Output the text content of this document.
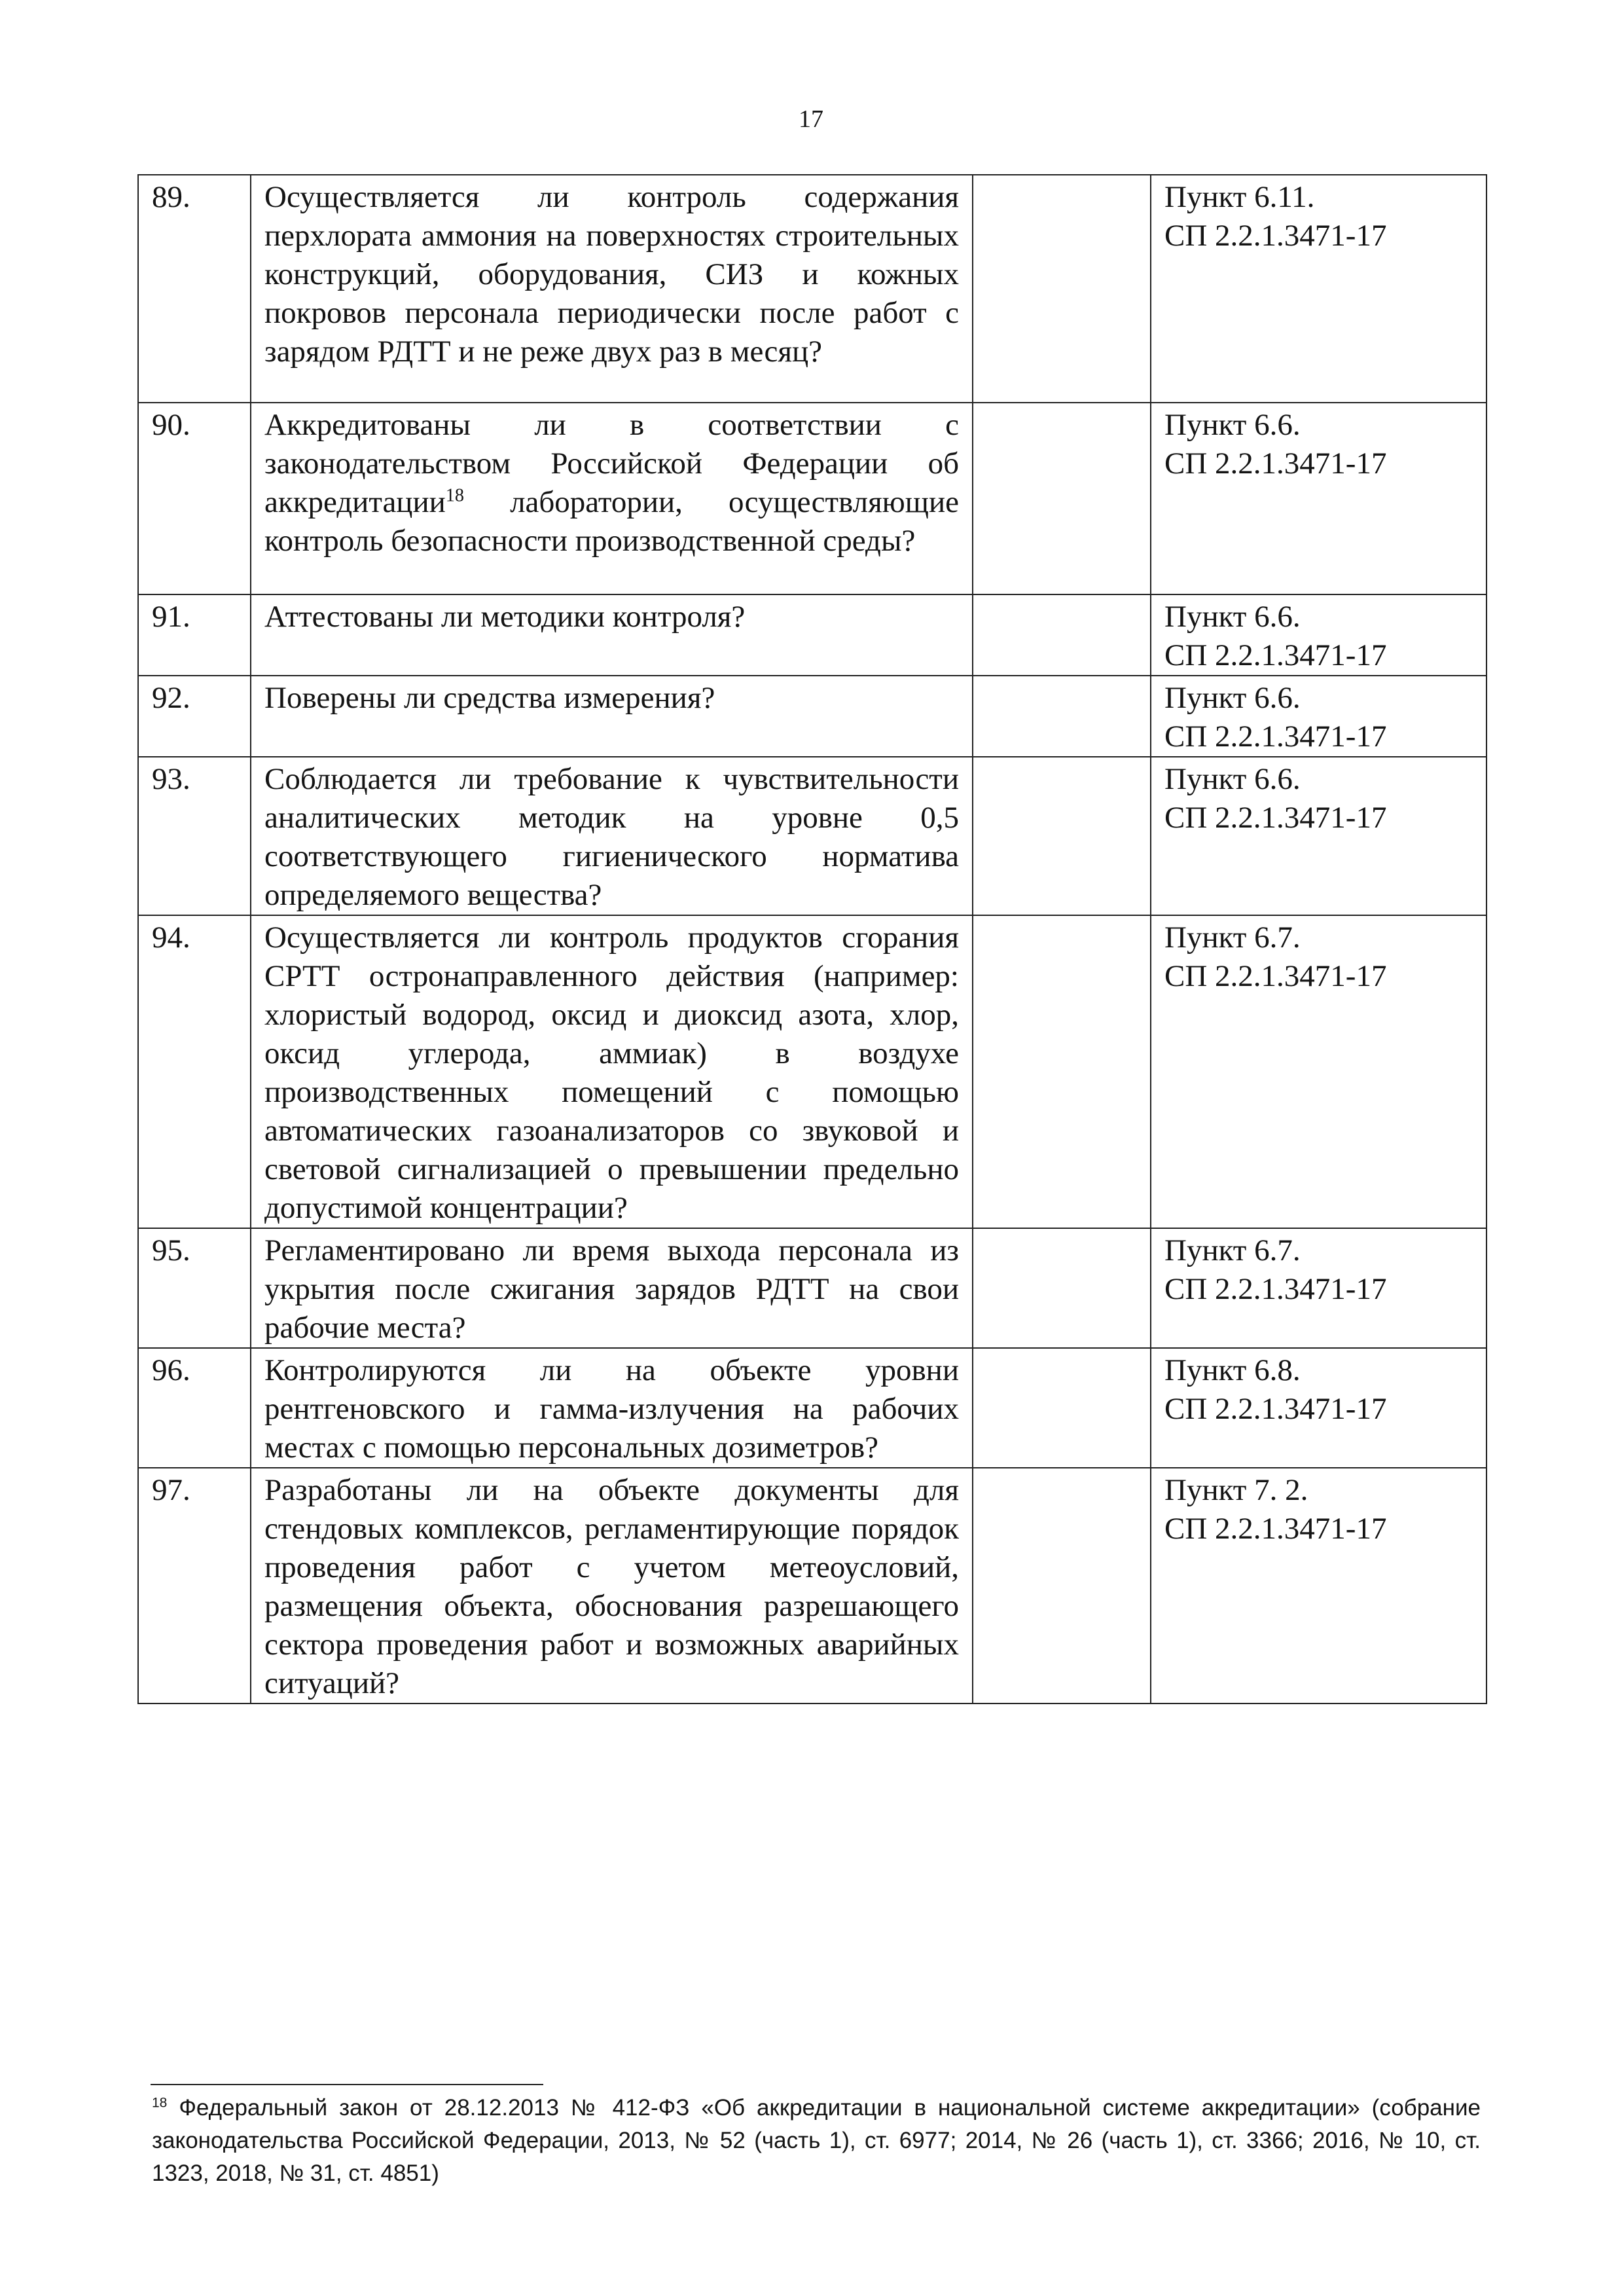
17
89.	Осуществляется ли контроль содержания перхлората аммония на поверхностях строительных конструкций, оборудования, СИЗ и кожных покровов персонала периодически после работ с зарядом РДТТ и не реже двух раз в месяц?		Пункт 6.11.
СП 2.2.1.3471-17
90.	Аккредитованы ли в соответствии с законодательством Российской Федерации об аккредитации$^{18}$ лаборатории, осуществляющие контроль безопасности производственной среды?		Пункт 6.6.
СП 2.2.1.3471-17
91.	Аттестованы ли методики контроля?		Пункт 6.6.
СП 2.2.1.3471-17
92.	Поверены ли средства измерения?		Пункт 6.6.
СП 2.2.1.3471-17
93.	Соблюдается ли требование к чувствительности аналитических методик на уровне 0,5 соответствующего гигиенического норматива определяемого вещества?		Пункт 6.6.
СП 2.2.1.3471-17
94.	Осуществляется ли контроль продуктов сгорания СРТТ остронаправленного действия (например: хлористый водород, оксид и диоксид азота, хлор, оксид углерода, аммиак) в воздухе производственных помещений с помощью автоматических газоанализаторов со звуковой и световой сигнализацией о превышении предельно допустимой концентрации?		Пункт 6.7.
СП 2.2.1.3471-17
95.	Регламентировано ли время выхода персонала из укрытия после сжигания зарядов РДТТ на свои рабочие места?		Пункт 6.7.
СП 2.2.1.3471-17
96.	Контролируются ли на объекте уровни рентгеновского и гамма-излучения на рабочих местах с помощью персональных дозиметров?		Пункт 6.8.
СП 2.2.1.3471-17
97.	Разработаны ли на объекте документы для стендовых комплексов, регламентирующие порядок проведения работ с учетом метеоусловий, размещения объекта, обоснования разрешающего сектора проведения работ и возможных аварийных ситуаций?		Пункт 7. 2.
СП 2.2.1.3471-17
$^{18}$ Федеральный закон от 28.12.2013 № 412-ФЗ «Об аккредитации в национальной системе аккредитации» (собрание законодательства Российской Федерации, 2013, № 52 (часть 1), ст. 6977; 2014, № 26 (часть 1), ст. 3366; 2016, № 10, ст. 1323, 2018, № 31, ст. 4851)
